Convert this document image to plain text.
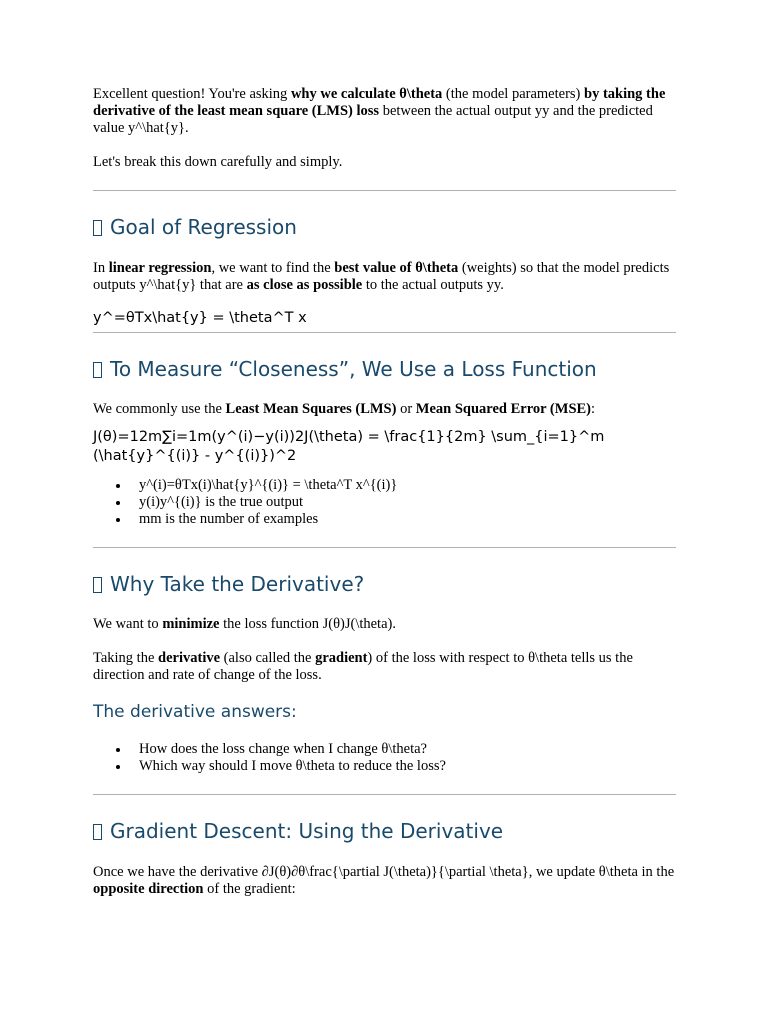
Excellent question! You're asking why we calculate θ\theta (the model parameters) by taking the derivative of the least mean square (LMS) loss between the actual output yy and the predicted value y^\hat{y}.

Let's break this down carefully and simply.

Goal of Regression

In linear regression, we want to find the best value of θ\theta (weights) so that the model predicts outputs y^\hat{y} that are as close as possible to the actual outputs yy.

y^=θTx\hat{y} = \theta^T x

To Measure “Closeness”, We Use a Loss Function

We commonly use the Least Mean Squares (LMS) or Mean Squared Error (MSE):

J(θ)=12m∑i=1m(y^(i)−y(i))2J(\theta) = \frac{1}{2m} \sum_{i=1}^m (\hat{y}^{(i)} - y^{(i)})^2

y^(i)=θTx(i)\hat{y}^{(i)} = \theta^T x^{(i)}
y(i)y^{(i)} is the true output
mm is the number of examples
Why Take the Derivative?

We want to minimize the loss function J(θ)J(\theta).

Taking the derivative (also called the gradient) of the loss with respect to θ\theta tells us the direction and rate of change of the loss.

The derivative answers:
How does the loss change when I change θ\theta?
Which way should I move θ\theta to reduce the loss?
Gradient Descent: Using the Derivative

Once we have the derivative ∂J(θ)∂θ\frac{\partial J(\theta)}{\partial \theta}, we update θ\theta in the opposite direction of the gradient:
